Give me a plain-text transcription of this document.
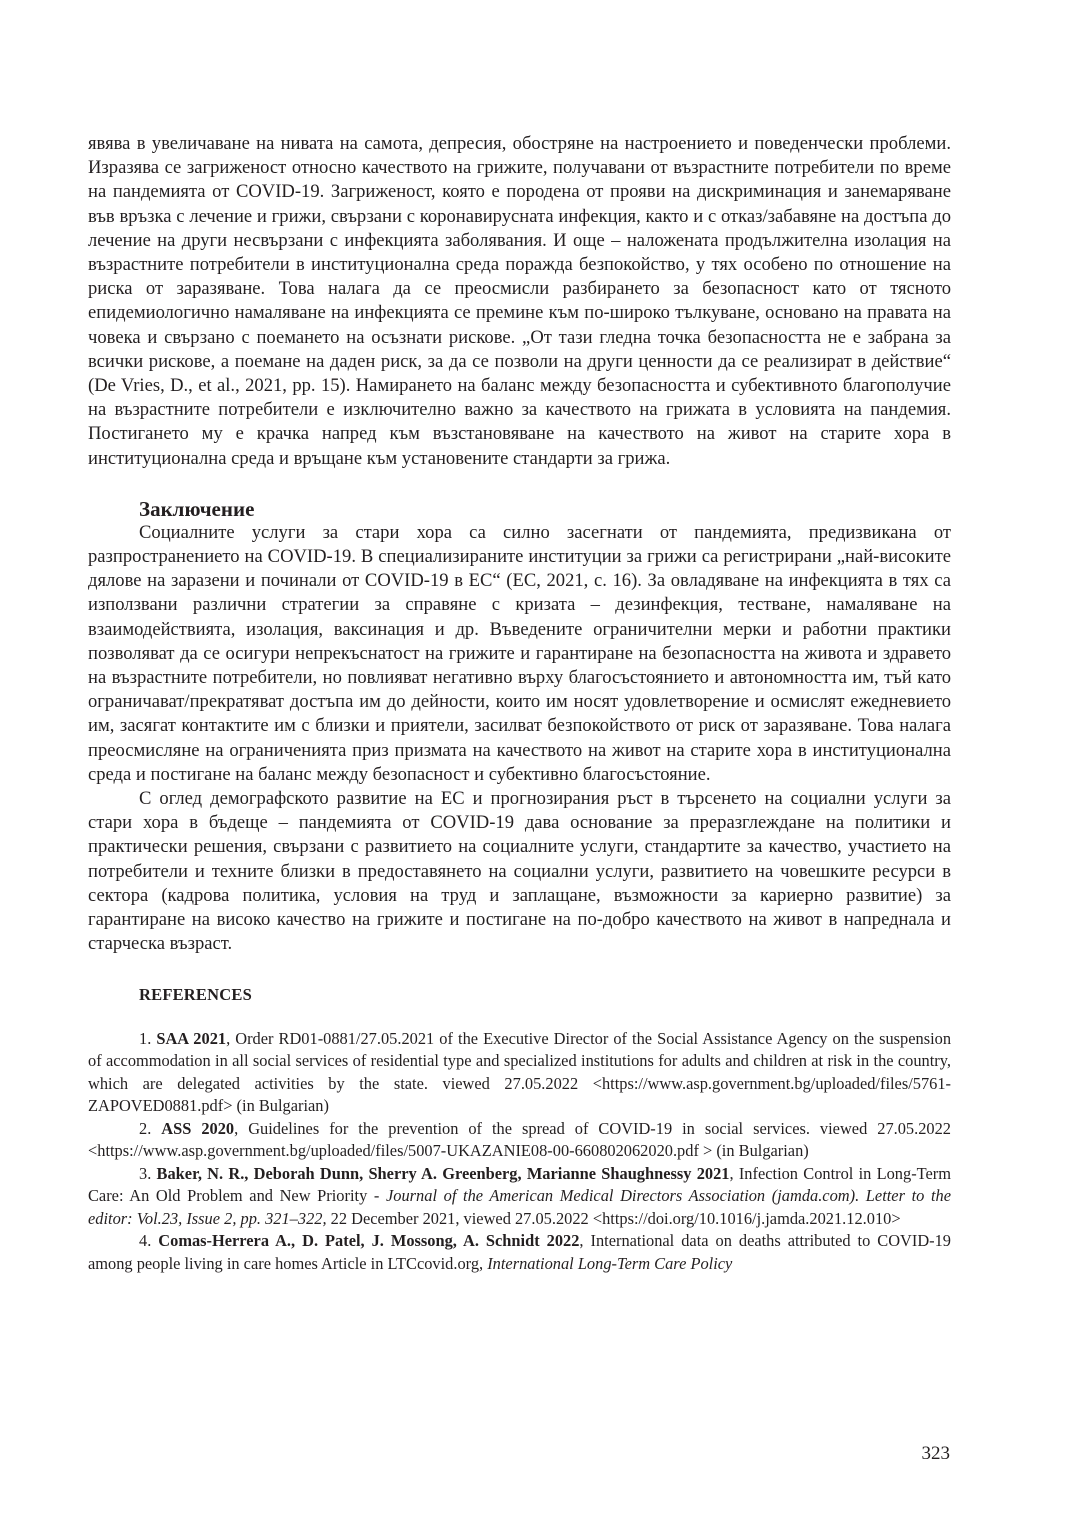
явява в увеличаване на нивата на самота, депресия, обостряне на настроението и поведенчески проблеми. Изразява се загриженост относно качеството на грижите, получавани от възрастните потребители по време на пандемията от COVID-19. Загриженост, която е породена от прояви на дискриминация и занемаряване във връзка с лечение и грижи, свързани с коронавирусната инфекция, както и с отказ/забавяне на достъпа до лечение на други несвързани с инфекцията заболявания. И още – наложената продължителна изолация на възрастните потребители в институционална среда поражда безпокойство, у тях особено по отношение на риска от заразяване. Това налага да се преосмисли разбирането за безопасност като от тясното епидемиологично намаляване на инфекцията се премине към по-широко тълкуване, основано на правата на човека и свързано с поемането на осъзнати рискове. „От тази гледна точка безопасността не е забрана за всички рискове, а поемане на даден риск, за да се позволи на други ценности да се реализират в действие“ (De Vries, D., et al., 2021, pp. 15). Намирането на баланс между безопасността и субективното благополучие на възрастните потребители е изключително важно за качеството на грижата в условията на пандемия. Постигането му е крачка напред към възстановяване на качеството на живот на старите хора в институционална среда и връщане към установените стандарти за грижа.

Заключение

Социалните услуги за стари хора са силно засегнати от пандемията, предизвикана от разпространението на COVID-19. В специализираните институции за грижи са регистрирани „най-високите дялове на заразени и починали от COVID-19 в ЕС“ (ЕС, 2021, с. 16). За овладяване на инфекцията в тях са използвани различни стратегии за справяне с кризата – дезинфекция, тестване, намаляване на взаимодействията, изолация, ваксинация и др. Въведените ограничителни мерки и работни практики позволяват да се осигури непрекъснатост на грижите и гарантиране на безопасността на живота и здравето на възрастните потребители, но повлияват негативно върху благосъстоянието и автономността им, тъй като ограничават/прекратяват достъпа им до дейности, които им носят удовлетворение и осмислят ежедневието им, засягат контактите им с близки и приятели, засилват безпокойството от риск от заразяване. Това налага преосмисляне на ограниченията приз призмата на качеството на живот на старите хора в институционална среда и постигане на баланс между безопасност и субективно благосъстояние.

С оглед демографското развитие на ЕС и прогнозирания ръст в търсенето на социални услуги за стари хора в бъдеще – пандемията от COVID-19 дава основание за преразглеждане на политики и практически решения, свързани с развитието на социалните услуги, стандартите за качество, участието на потребители и техните близки в предоставянето на социални услуги, развитието на човешките ресурси в сектора (кадрова политика, условия на труд и заплащане, възможности за кариерно развитие) за гарантиране на високо качество на грижите и постигане на по-добро качеството на живот в напреднала и старческа възраст.

REFERENCES

1. SAA 2021, Order RD01-0881/27.05.2021 of the Executive Director of the Social Assistance Agency on the suspension of accommodation in all social services of residential type and specialized institutions for adults and children at risk in the country, which are delegated activities by the state. viewed 27.05.2022 <https://www.asp.government.bg/uploaded/files/5761-ZAPOVED0881.pdf> (in Bulgarian)

2. ASS 2020, Guidelines for the prevention of the spread of COVID-19 in social services. viewed 27.05.2022 <https://www.asp.government.bg/uploaded/files/5007-UKAZANIE08-00-660802062020.pdf > (in Bulgarian)

3. Baker, N. R., Deborah Dunn, Sherry A. Greenberg, Marianne Shaughnessy 2021, Infection Control in Long-Term Care: An Old Problem and New Priority - Journal of the American Medical Directors Association (jamda.com). Letter to the editor: Vol.23, Issue 2, pp. 321–322, 22 December 2021, viewed 27.05.2022 <https://doi.org/10.1016/j.jamda.2021.12.010>

4. Comas-Herrera A., D. Patel, J. Mossong, A. Schnidt 2022, International data on deaths attributed to COVID-19 among people living in care homes Article in LTCcovid.org, International Long-Term Care Policy

323
